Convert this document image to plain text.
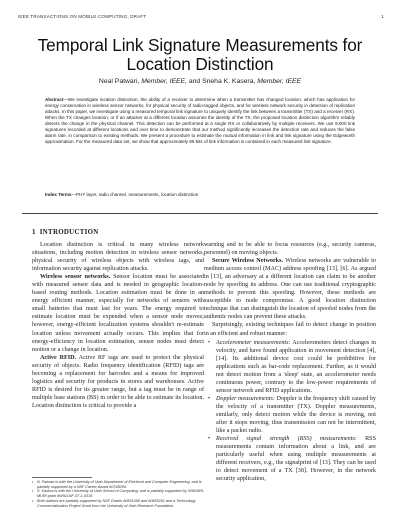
IEEE TRANSACTIONS ON MOBILE COMPUTING, DRAFT	1
Temporal Link Signature Measurements for
Location Distinction
Neal Patwari, Member, IEEE, and Sneha K. Kasera, Member, IEEE
Abstract—We investigate location distinction, the ability of a receiver to determine when a transmitter has changed location, which has application for energy conservation in wireless sensor networks, for physical security of radio-tagged objects, and for wireless network security in detection of replication attacks. In this paper, we investigate using a measured temporal link signature to uniquely identify the link between a transmitter (TX) and a receiver (RX). When the TX changes location, or if an attacker at a different location assumes the identity of the TX, the proposed location distinction algorithm reliably detects the change in the physical channel. This detection can be performed at a single RX or collaboratively by multiple receivers. We use 9,000 link signatures recorded at different locations and over time to demonstrate that our method significantly increases the detection rate and reduces the false alarm rate, in comparison to existing methods. We present a procedure to estimate the mutual information in link and link signature using the Edgeworth approximation. For the measured data set, we show that approximately 86 bits of link information is contained in each measured link signature.
Index Terms—PHY layer, radio channel, measurements, location distinction
1 INTRODUCTION

Location distinction is critical in many wireless network situations, including motion detection in wireless sensor networks, physical security of wireless objects with wireless tags, and information security against replication attacks.

Wireless sensor networks. Sensor location must be associated with measured sensor data and is needed in geographic location-based routing methods. Location estimation must be done in an energy efficient manner, especially for networks of sensors with small batteries that must last for years. The energy required to estimate location must be expended when a sensor node moves; however, energy-efficient localization systems shouldn't re-estimate location unless movement actually occurs. This implies that for energy-efficiency in location estimation, sensor nodes must detect motion or a change in location.

Active RFID. Active RF tags are used to protect the physical security of objects. Radio frequency identification (RFID) tags are becoming a replacement for barcodes and a means for improved logistics and security for products in stores and warehouses. Active RFID is desired for its greater range, but a tag must be in range of multiple base stations (BS) in order to be able to estimate its location. Location distinction is critical to provide a

• N. Patwari is with the University of Utah Department of Electrical and Computer Engineering, and is partially supported by a NSF Career Award #0748206.
• S. Kasera is with the University of Utah School of Computing, and is partially supported by UNR/ARL MURI grant #W911NF-07-1-0318.
• Both authors are partially supported by NSF Grants #0831490 and #0855261 and a Technology Commercialization Project Grant from the University of Utah Research Foundation.

warning and to be able to focus resources (e.g., security cameras, personnel) on moving objects.

Secure Wireless Networks. Wireless networks are vulnerable to medium access control (MAC) address spoofing [13], [6]. As argued in [13], an adversary at a different location can claim to be another node by spoofing its address. One can use traditional cryptographic methods to prevent this spoofing. However, these methods are susceptible to node compromise. A good location distinction technique that can distinguish the location of spoofed nodes from the authentic nodes can prevent these attacks.

Surprisingly, existing techniques fail to detect change in position in an efficient and robust manner:

• Accelerometer measurements: Accelerometers detect changes in velocity, and have found application in movement detection [4], [14]. Its additional device cost could be prohibitive for applications such as bar-code replacement. Further, as it would not detect motion from a 'sleep' state, an accelerometer needs continuous power, contrary to the low-power requirements of sensor network and RFID applications.
• Doppler measurements: Doppler is the frequency shift caused by the velocity of a transmitter (TX). Doppler measurements, similarly, only detect motion while the device is moving, not after it stops moving, thus transmission can not be intermittent, like a packet radio.
• Received signal strength (RSS) measurements: RSS measurements contain information about a link, and are particularly useful when using multiple measurements at different receivers, e.g., the signalprint of [13]. They can be used to detect movement of a TX [38]. However, in the network security application,
